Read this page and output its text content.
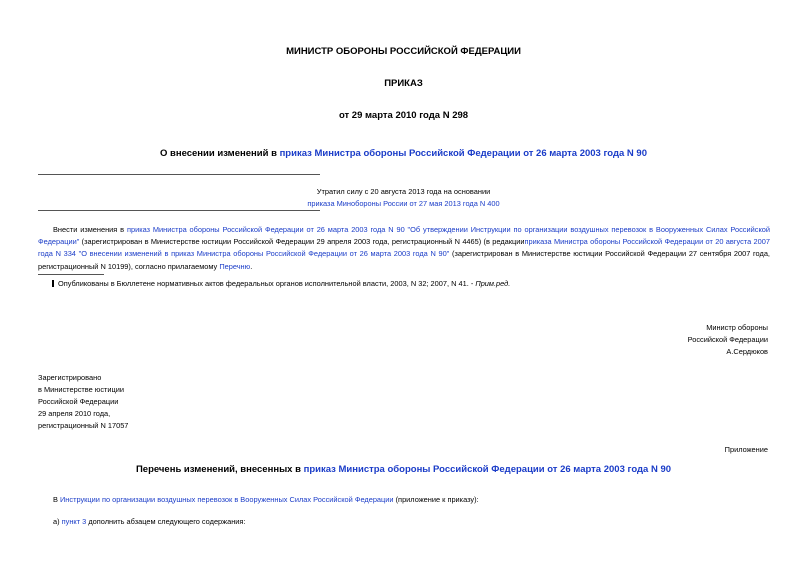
МИНИСТР ОБОРОНЫ РОССИЙСКОЙ ФЕДЕРАЦИИ
ПРИКАЗ
от 29 марта 2010 года N 298
О внесении изменений в приказ Министра обороны Российской Федерации от 26 марта 2003 года N 90
Утратил силу с 20 августа 2013 года на основании
приказа Минобороны России от 27 мая 2013 года N 400
Внести изменения в приказ Министра обороны Российской Федерации от 26 марта 2003 года N 90 "Об утверждении Инструкции по организации воздушных перевозок в Вооруженных Силах Российской Федерации" (зарегистрирован в Министерстве юстиции Российской Федерации 29 апреля 2003 года, регистрационный N 4465) (в редакцииприказа Министра обороны Российской Федерации от 20 августа 2007 года N 334 "О внесении изменений в приказ Министра обороны Российской Федерации от 26 марта 2003 года N 90" (зарегистрирован в Министерстве юстиции Российской Федерации 27 сентября 2007 года, регистрационный N 10199), согласно прилагаемому Перечню.
Опубликованы в Бюллетене нормативных актов федеральных органов исполнительной власти, 2003, N 32; 2007, N 41. - Прим.ред.
Министр обороны
Российской Федерации
А.Сердюков
Зарегистрировано
в Министерстве юстиции
Российской Федерации
29 апреля 2010 года,
регистрационный N 17057
Приложение
Перечень изменений, внесенных в приказ Министра обороны Российской Федерации от 26 марта 2003 года N 90
В Инструкции по организации воздушных перевозок в Вооруженных Силах Российской Федерации (приложение к приказу):
а) пункт 3 дополнить абзацем следующего содержания:
